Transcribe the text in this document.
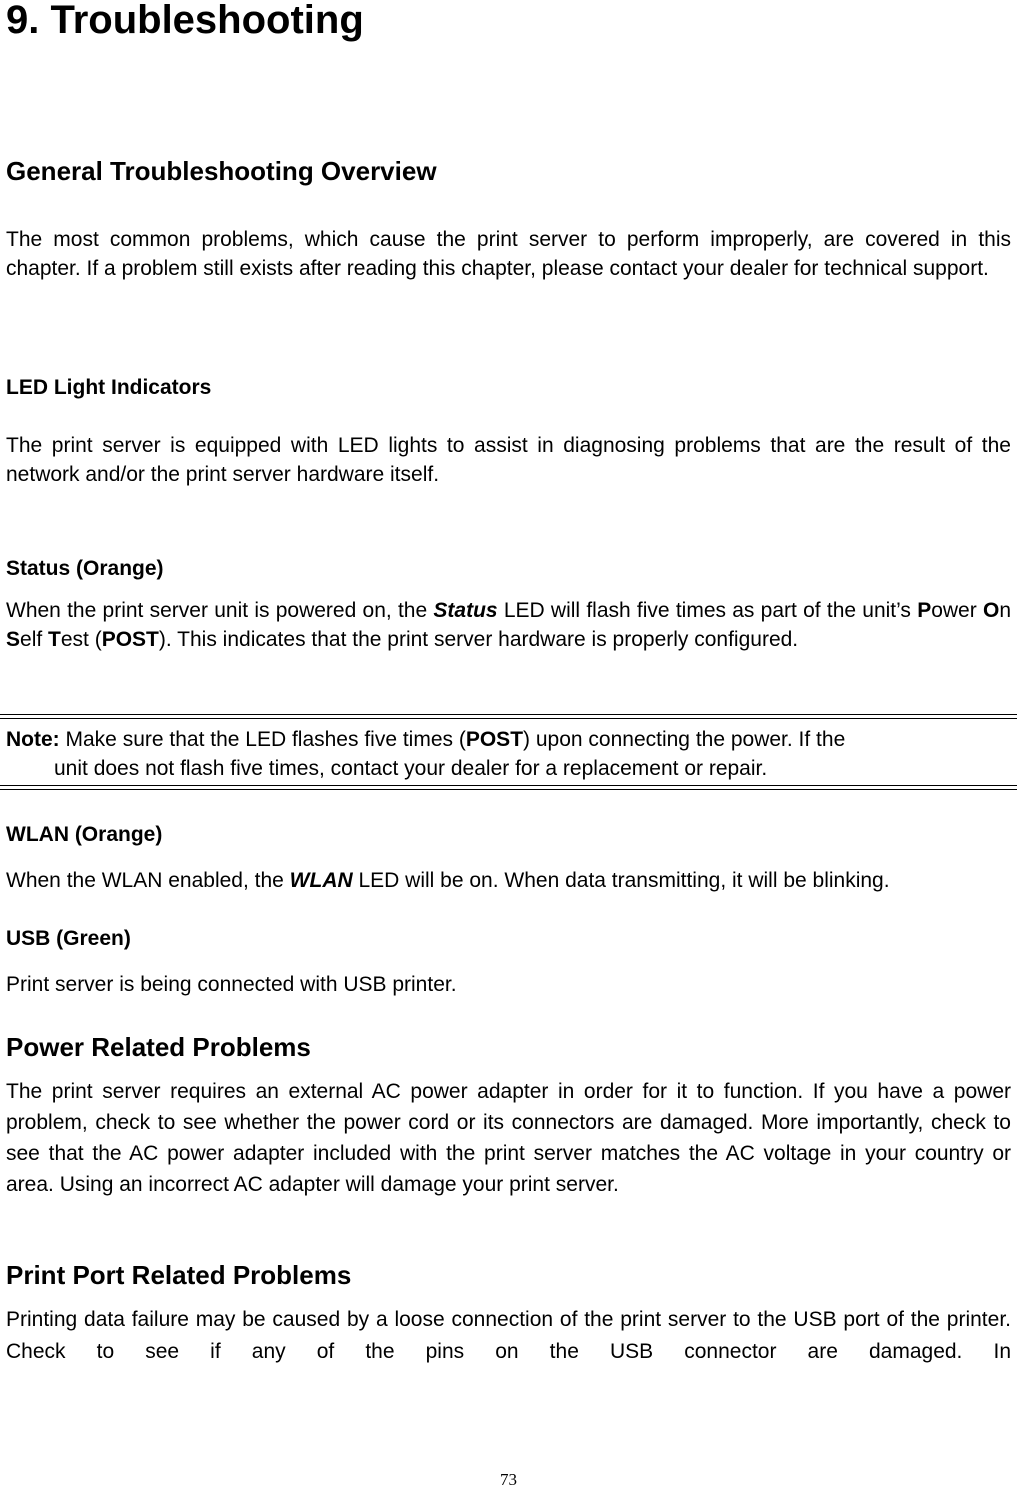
9. Troubleshooting
General Troubleshooting Overview
The most common problems, which cause the print server to perform improperly, are covered in this chapter. If a problem still exists after reading this chapter, please contact your dealer for technical support.
LED Light Indicators
The print server is equipped with LED lights to assist in diagnosing problems that are the result of the network and/or the print server hardware itself.
Status (Orange)
When the print server unit is powered on, the Status LED will flash five times as part of the unit’s Power On Self Test (POST). This indicates that the print server hardware is properly configured.
Note: Make sure that the LED flashes five times (POST) upon connecting the power. If the
unit does not flash five times, contact your dealer for a replacement or repair.
WLAN (Orange)
When the WLAN enabled, the WLAN LED will be on. When data transmitting, it will be blinking.
USB (Green)
Print server is being connected with USB printer.
Power Related Problems
The print server requires an external AC power adapter in order for it to function. If you have a power problem, check to see whether the power cord or its connectors are damaged. More importantly, check to see that the AC power adapter included with the print server matches the AC voltage in your country or area. Using an incorrect AC adapter will damage your print server.
Print Port Related Problems
Printing data failure may be caused by a loose connection of the print server to the USB port of the printer. Check to see if any of the pins on the USB connector are damaged. In
73
